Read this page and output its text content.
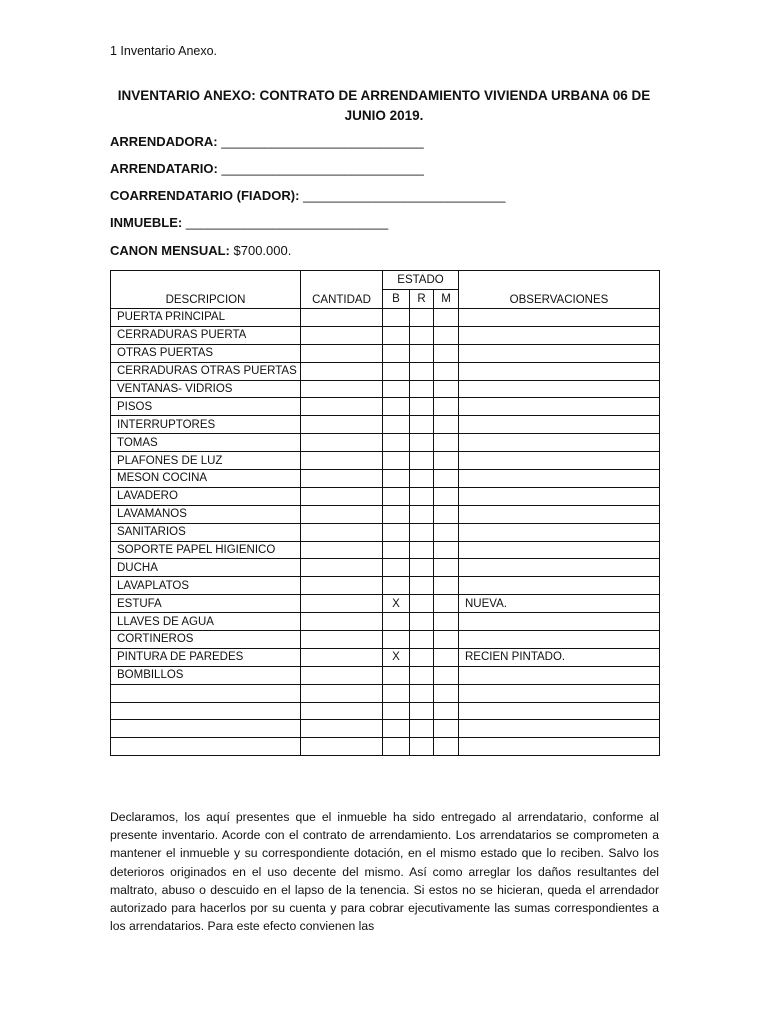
1 Inventario Anexo.
INVENTARIO ANEXO: CONTRATO DE ARRENDAMIENTO VIVIENDA URBANA 06 DE JUNIO 2019.
ARRENDADORA: ____________________________
ARRENDATARIO: ____________________________
COARRENDATARIO (FIADOR): ____________________________
INMUEBLE: ____________________________
CANON MENSUAL: $700.000.
DESCRIPCION	CANTIDAD	ESTADO			OBSERVACIONES
		B	R	M	
PUERTA PRINCIPAL					
CERRADURAS PUERTA					
OTRAS PUERTAS					
CERRADURAS OTRAS PUERTAS					
VENTANAS- VIDRIOS					
PISOS					
INTERRUPTORES					
TOMAS					
PLAFONES DE LUZ					
MESON COCINA					
LAVADERO					
LAVAMANOS					
SANITARIOS					
SOPORTE PAPEL HIGIENICO					
DUCHA					
LAVAPLATOS					
ESTUFA		X			NUEVA.
LLAVES DE AGUA					
CORTINEROS					
PINTURA DE PAREDES		X			RECIEN PINTADO.
BOMBILLOS					

Declaramos, los aquí presentes que el inmueble ha sido entregado al arrendatario, conforme al presente inventario. Acorde con el contrato de arrendamiento. Los arrendatarios se comprometen a mantener el inmueble y su correspondiente dotación, en el mismo estado que lo reciben. Salvo los deterioros originados en el uso decente del mismo. Así como arreglar los daños resultantes del maltrato, abuso o descuido en el lapso de la tenencia. Si estos no se hicieran, queda el arrendador autorizado para hacerlos por su cuenta y para cobrar ejecutivamente las sumas correspondientes a los arrendatarios. Para este efecto convienen las
